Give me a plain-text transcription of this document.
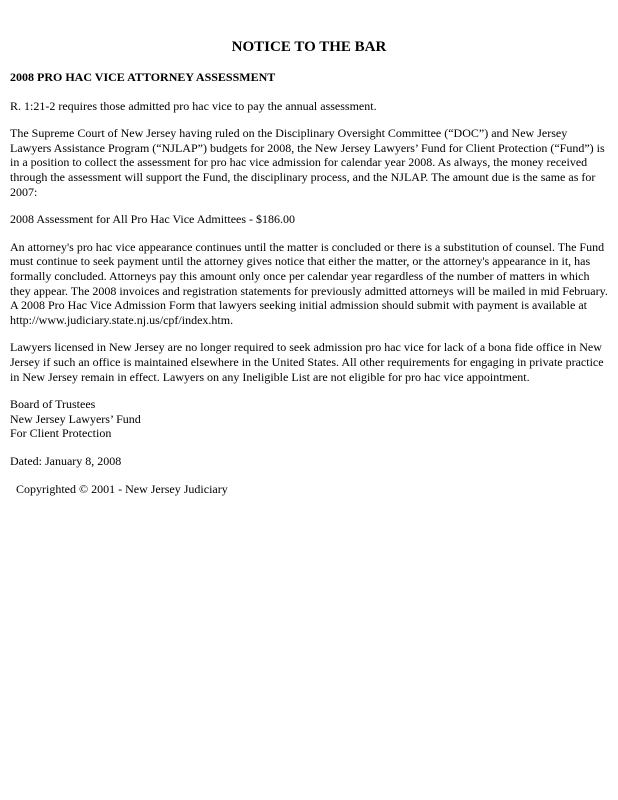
NOTICE TO THE BAR

2008 PRO HAC VICE ATTORNEY ASSESSMENT

R. 1:21-2 requires those admitted pro hac vice to pay the annual assessment.

The Supreme Court of New Jersey having ruled on the Disciplinary Oversight Committee (“DOC”) and New Jersey Lawyers Assistance Program (“NJLAP”) budgets for 2008, the New Jersey Lawyers’ Fund for Client Protection (“Fund”) is in a position to collect the assessment for pro hac vice admission for calendar year 2008. As always, the money received through the assessment will support the Fund, the disciplinary process, and the NJLAP. The amount due is the same as for 2007:

2008 Assessment for All Pro Hac Vice Admittees - $186.00

An attorney's pro hac vice appearance continues until the matter is concluded or there is a substitution of counsel. The Fund must continue to seek payment until the attorney gives notice that either the matter, or the attorney's appearance in it, has formally concluded. Attorneys pay this amount only once per calendar year regardless of the number of matters in which they appear. The 2008 invoices and registration statements for previously admitted attorneys will be mailed in mid February. A 2008 Pro Hac Vice Admission Form that lawyers seeking initial admission should submit with payment is available at http://www.judiciary.state.nj.us/cpf/index.htm.

Lawyers licensed in New Jersey are no longer required to seek admission pro hac vice for lack of a bona fide office in New Jersey if such an office is maintained elsewhere in the United States. All other requirements for engaging in private practice in New Jersey remain in effect. Lawyers on any Ineligible List are not eligible for pro hac vice appointment.

Board of Trustees
New Jersey Lawyers’ Fund
For Client Protection

Dated: January 8, 2008

Copyrighted © 2001 - New Jersey Judiciary
